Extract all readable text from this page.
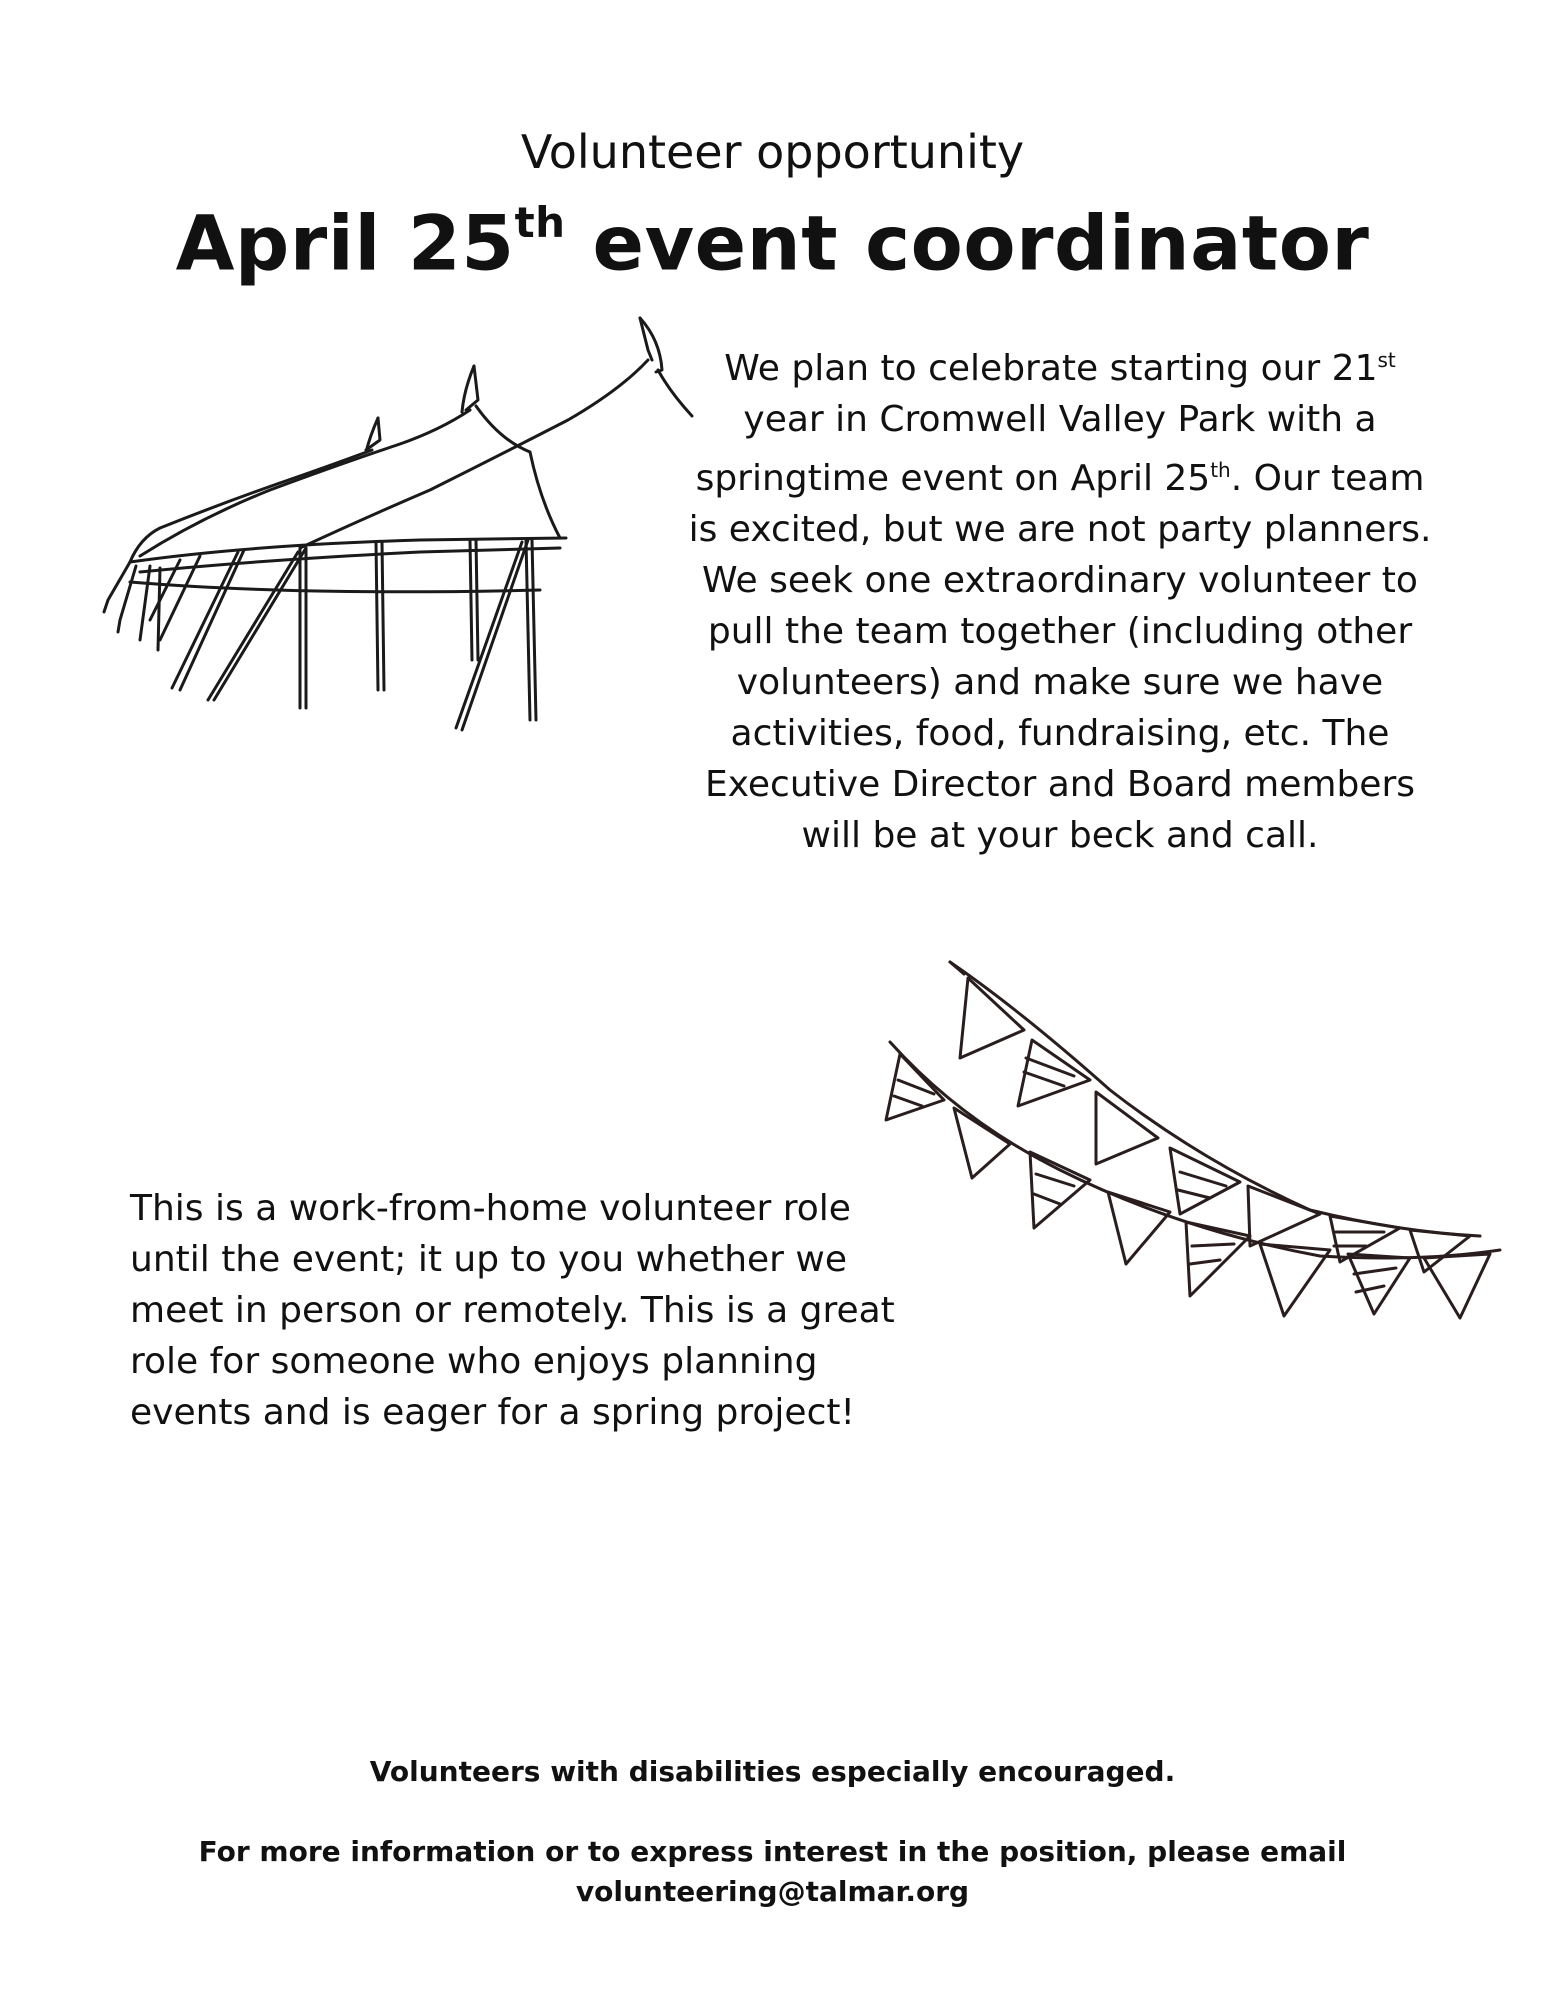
Volunteer opportunity
April 25th event coordinator
We plan to celebrate starting our 21st year in Cromwell Valley Park with a springtime event on April 25th. Our team is excited, but we are not party planners. We seek one extraordinary volunteer to pull the team together (including other volunteers) and make sure we have activities, food, fundraising, etc. The Executive Director and Board members will be at your beck and call.
This is a work-from-home volunteer role until the event; it up to you whether we meet in person or remotely. This is a great role for someone who enjoys planning events and is eager for a spring project!
Volunteers with disabilities especially encouraged.
For more information or to express interest in the position, please email volunteering@talmar.org
